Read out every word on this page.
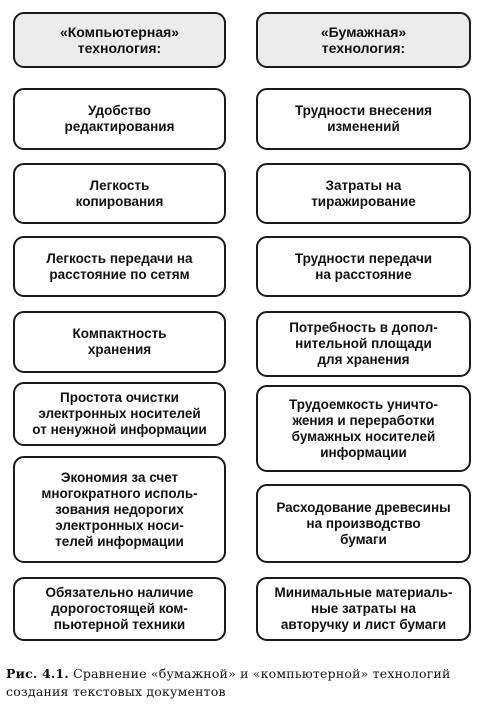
«Компьютерная»
технология:
«Бумажная»
технология:
Удобство
редактирования
Легкость
копирования
Легкость передачи на
расстояние по сетям
Компактность
хранения
Простота очистки
электронных носителей
от ненужной информации
Экономия за счет
многократного исполь-
зования недорогих
электронных носи-
телей информации
Обязательно наличие
дорогостоящей ком-
пьютерной техники
Трудности внесения
изменений
Затраты на
тиражирование
Трудности передачи
на расстояние
Потребность в допол-
нительной площади
для хранения
Трудоемкость уничто-
жения и переработки
бумажных носителей
информации
Расходование древесины
на производство
бумаги
Минимальные материаль-
ные затраты на
авторучку и лист бумаги
Рис. 4.1. Сравнение «бумажной» и «компьютерной» технологий создания текстовых документов
